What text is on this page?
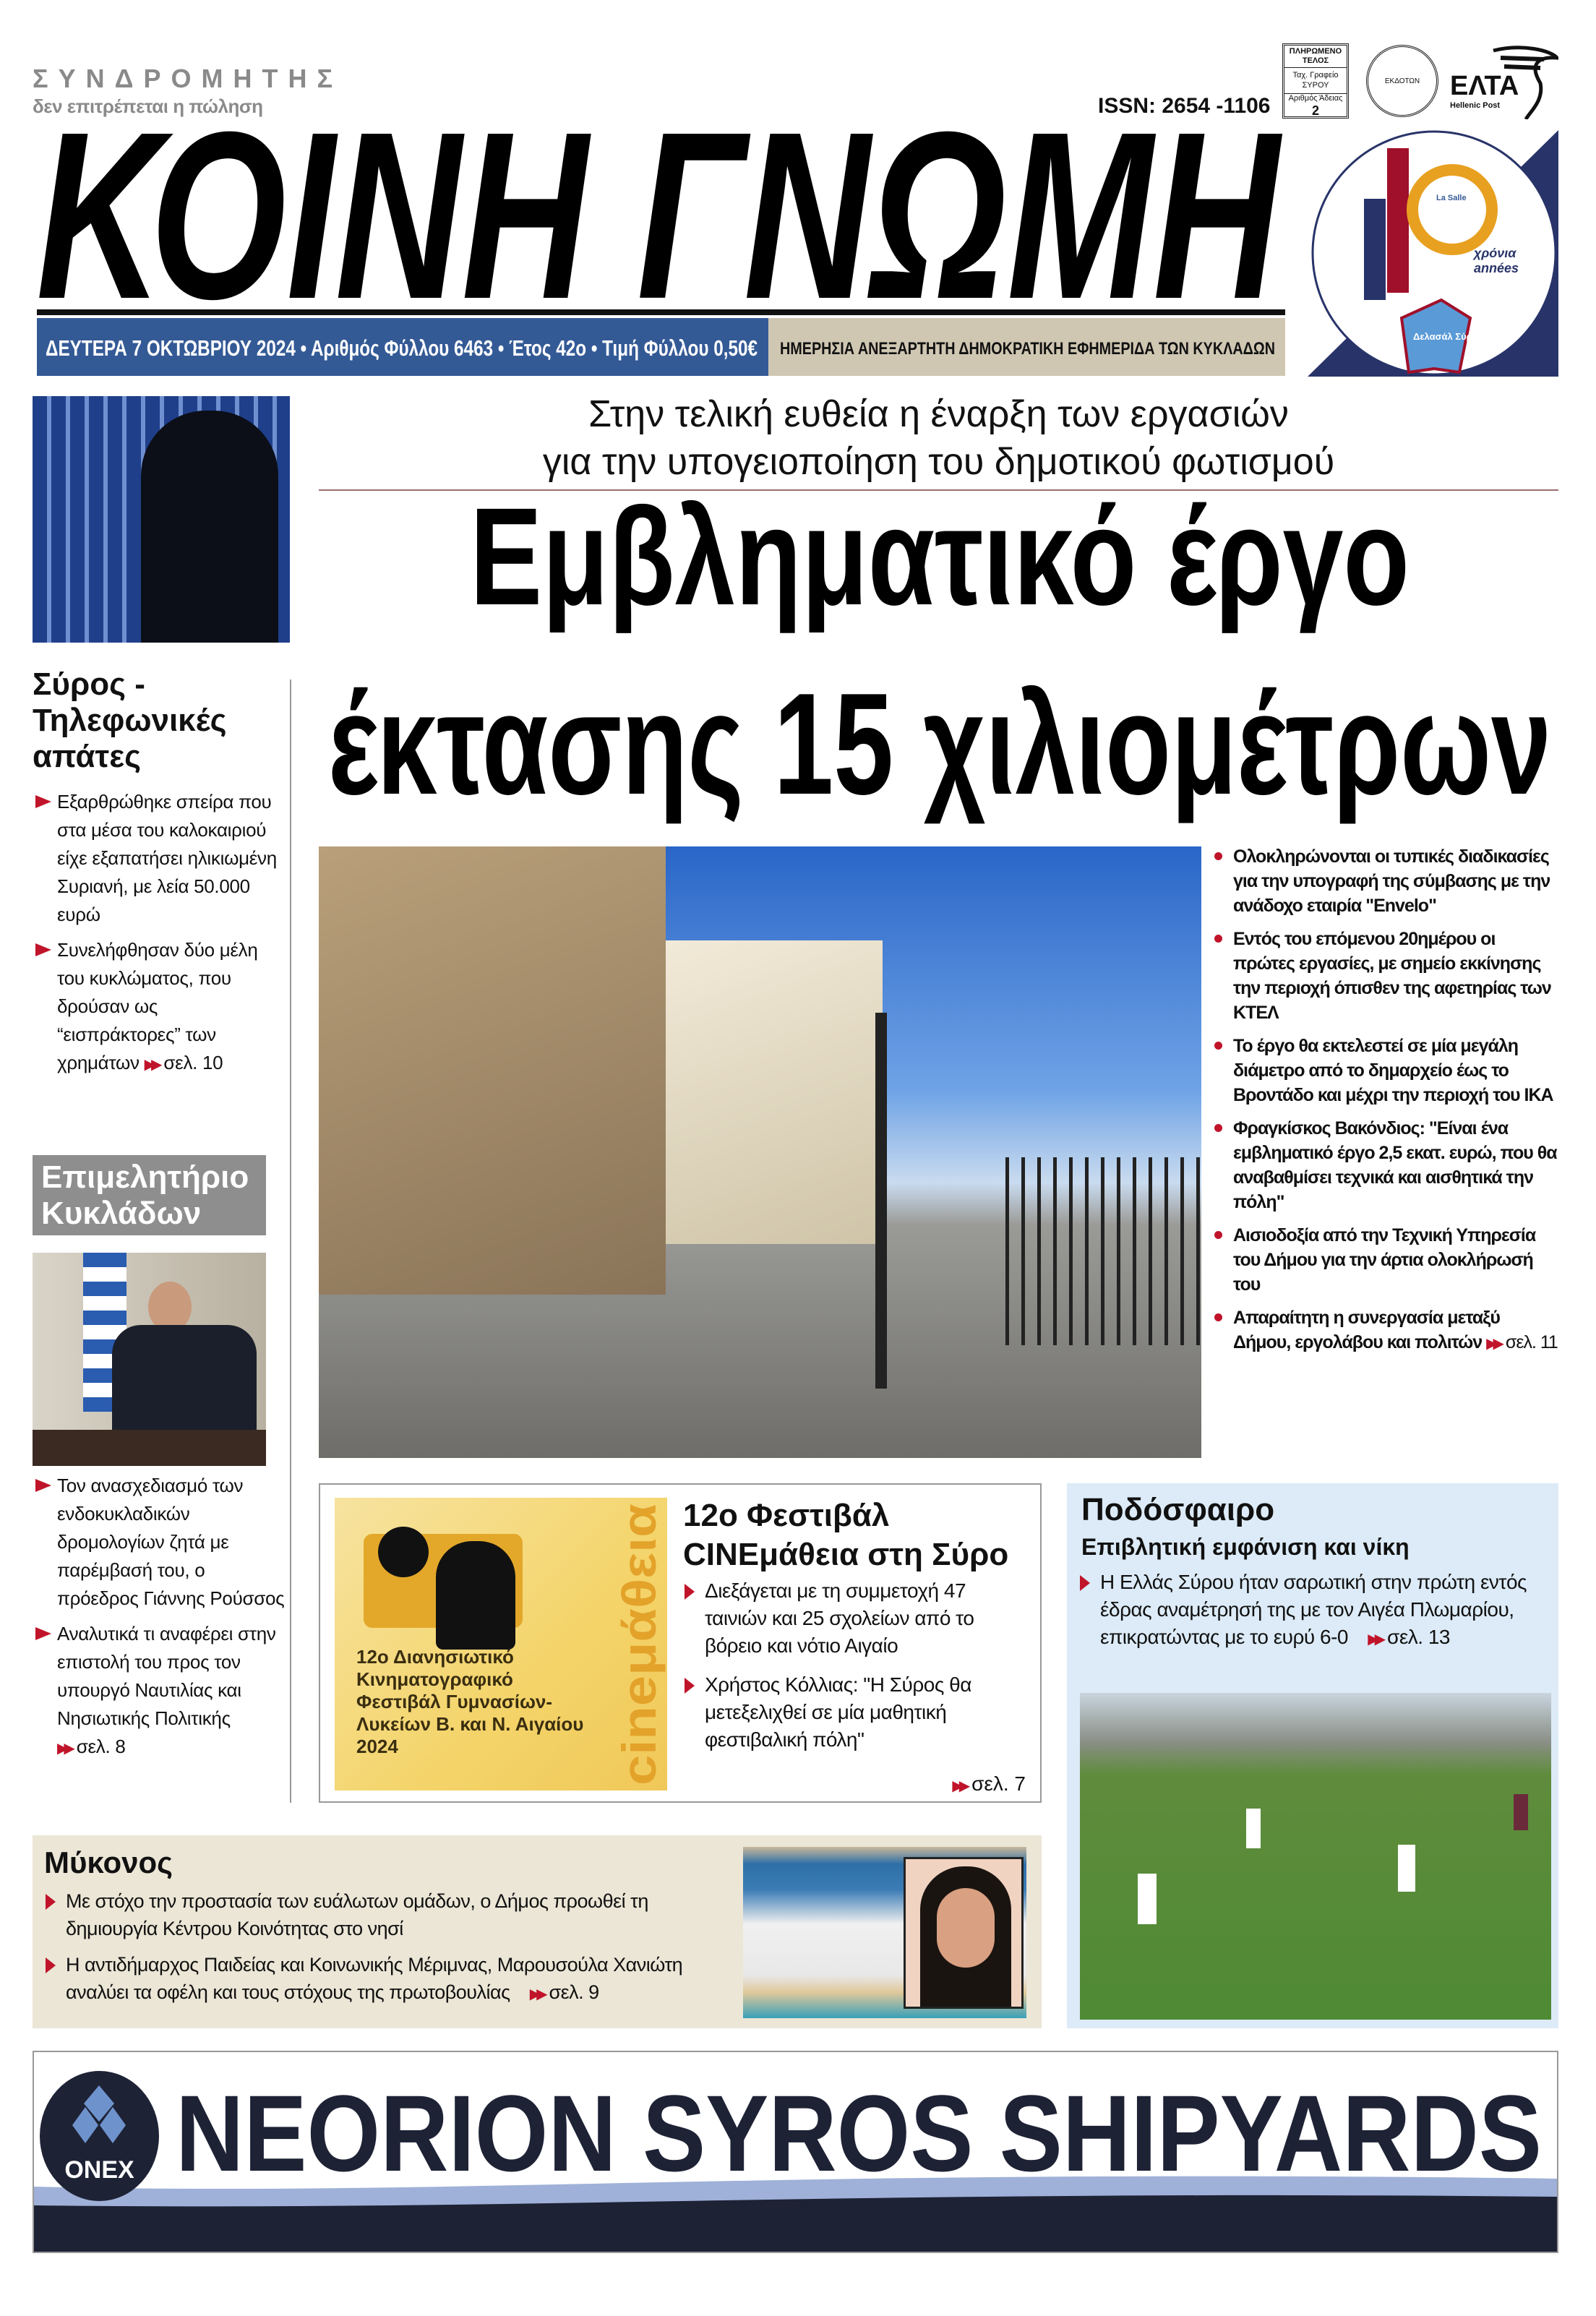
ΣΥΝΔΡΟΜΗΤΗΣ
δεν επιτρέπεται η πώληση	ISSN: 2654 -1106
ΠΛΗΡΩΜΕΝΟ ΤΕΛΟΣ
Ταχ. Γραφείο ΣΥΡΟΥ
Αριθμός Άδειας
2
ΕΚΔΟΤΩΝ ΕΛΤΑ
Hellenic Post
ΚΟΙΝΗ ΓΝΩΜΗ
ΔΕΥΤΕΡΑ 7 ΟΚΤΩΒΡΙΟΥ 2024 • Αριθμός Φύλλου 6463 • Έτος 42ο • Τιμή Φύλλου 0,50€ ΗΜΕΡΗΣΙΑ ΑΝΕΞΑΡΤΗΤΗ ΔΗΜΟΚΡΑΤΙΚΗ ΕΦΗΜΕΡΙΔΑ ΤΩΝ ΚΥΚΛΑΔΩΝ
La Salle
χρόνια années
Δελασάλ Σύρου
Στην τελική ευθεία η έναρξη των εργασιών
για την υπογειοποίηση του δημοτικού φωτισμού
Εμβληματικό έργο
έκτασης 15 χιλιομέτρων
Ολοκληρώνονται οι τυπικές διαδικασίες για την υπογραφή της σύμβασης με την ανάδοχο εταιρία "Envelo"
Εντός του επόμενου 20ημέρου οι πρώτες εργασίες, με σημείο εκκίνησης την περιοχή όπισθεν της αφετηρίας των ΚΤΕΛ
Το έργο θα εκτελεστεί σε μία μεγάλη διάμετρο από το δημαρχείο έως το Βροντάδο και μέχρι την περιοχή του ΙΚΑ
Φραγκίσκος Βακόνδιος: "Είναι ένα εμβληματικό έργο 2,5 εκατ. ευρώ, που θα αναβαθμίσει τεχνικά και αισθητικά την πόλη"
Αισιοδοξία από την Τεχνική Υπηρεσία του Δήμου για την άρτια ολοκλήρωσή του
Απαραίτητη η συνεργασία μεταξύ Δήμου, εργολάβου και πολιτών ▶▶ σελ. 11
Σύρος - Τηλεφωνικές απάτες
Εξαρθρώθηκε σπείρα που στα μέσα του καλοκαιριού είχε εξαπατήσει ηλικιωμένη Συριανή, με λεία 50.000 ευρώ
Συνελήφθησαν δύο μέλη του κυκλώματος, που δρούσαν ως “εισπράκτορες” των χρημάτων ▶▶ σελ. 10
Επιμελητήριο Κυκλάδων
Τον ανασχεδιασμό των ενδοκυκλαδικών δρομολογίων ζητά με παρέμβασή του, ο πρόεδρος Γιάννης Ρούσσος
Αναλυτικά τι αναφέρει στην επιστολή του προς τον υπουργό Ναυτιλίας και Νησιωτικής Πολιτικής ▶▶ σελ. 8
12ο Διανησιωτικό Κινηματογραφικό Φεστιβάλ Γυμνασίων-Λυκείων Β. και Ν. Αιγαίου 2024	cineμάθεια
12ο Φεστιβάλ
CINEμάθεια στη Σύρο
Διεξάγεται με τη συμμετοχή 47 ταινιών και 25 σχολείων από το βόρειο και νότιο Αιγαίο
Χρήστος Κόλλιας: "Η Σύρος θα μετεξελιχθεί σε μία μαθητική φεστιβαλική πόλη"
▶▶ σελ. 7
Ποδόσφαιρο
Επιβλητική εμφάνιση και νίκη
Η Ελλάς Σύρου ήταν σαρωτική στην πρώτη εντός έδρας αναμέτρησή της με τον Αιγέα Πλωμαρίου, επικρατώντας με το ευρύ 6-0 ▶▶ σελ. 13
Μύκονος
Με στόχο την προστασία των ευάλωτων ομάδων, ο Δήμος προωθεί τη δημιουργία Κέντρου Κοινότητας στο νησί
Η αντιδήμαρχος Παιδείας και Κοινωνικής Μέριμνας, Μαρουσούλα Χανιώτη αναλύει τα οφέλη και τους στόχους της πρωτοβουλίας ▶▶ σελ. 9
ONEX NEORION SYROS SHIPYARDS
